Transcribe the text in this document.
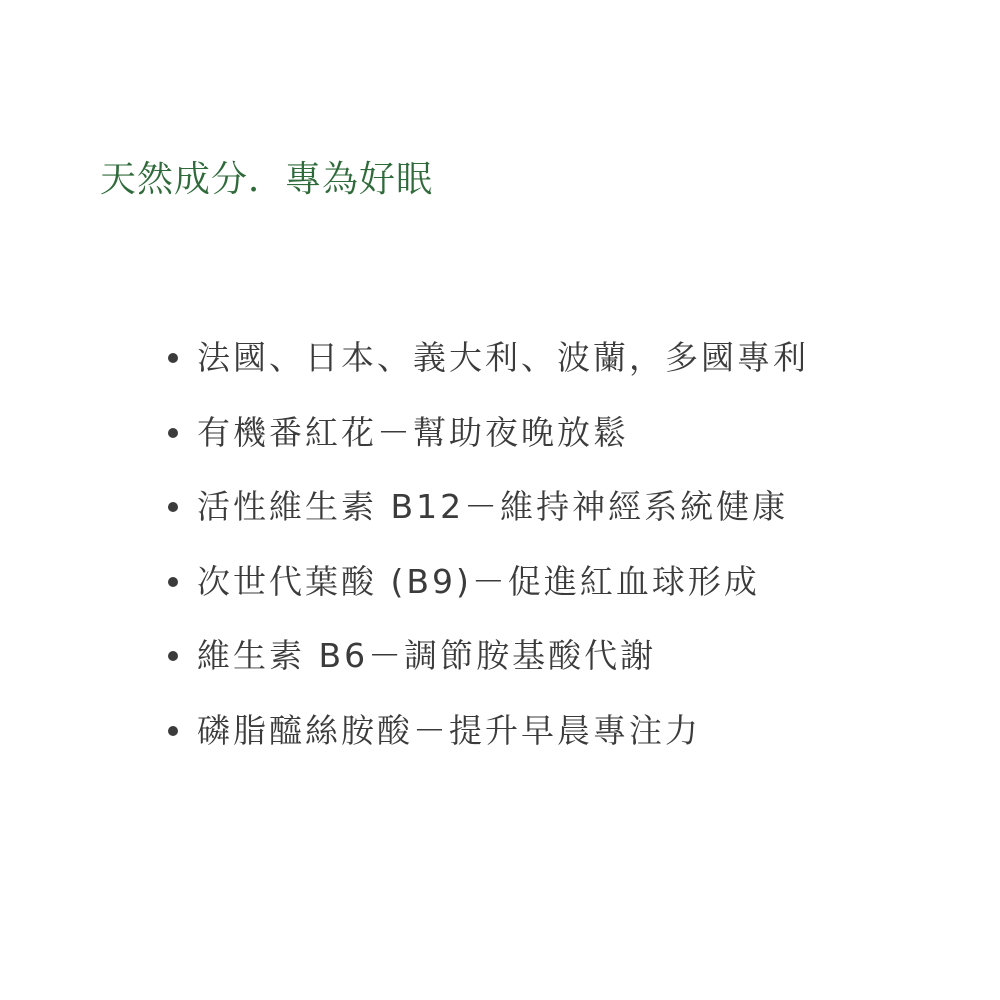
天然成分．專為好眠
法國、日本、義大利、波蘭，多國專利
有機番紅花－幫助夜晚放鬆
活性維生素 B12－維持神經系統健康
次世代葉酸 (B9)－促進紅血球形成
維生素 B6－調節胺基酸代謝
磷脂醯絲胺酸－提升早晨專注力
